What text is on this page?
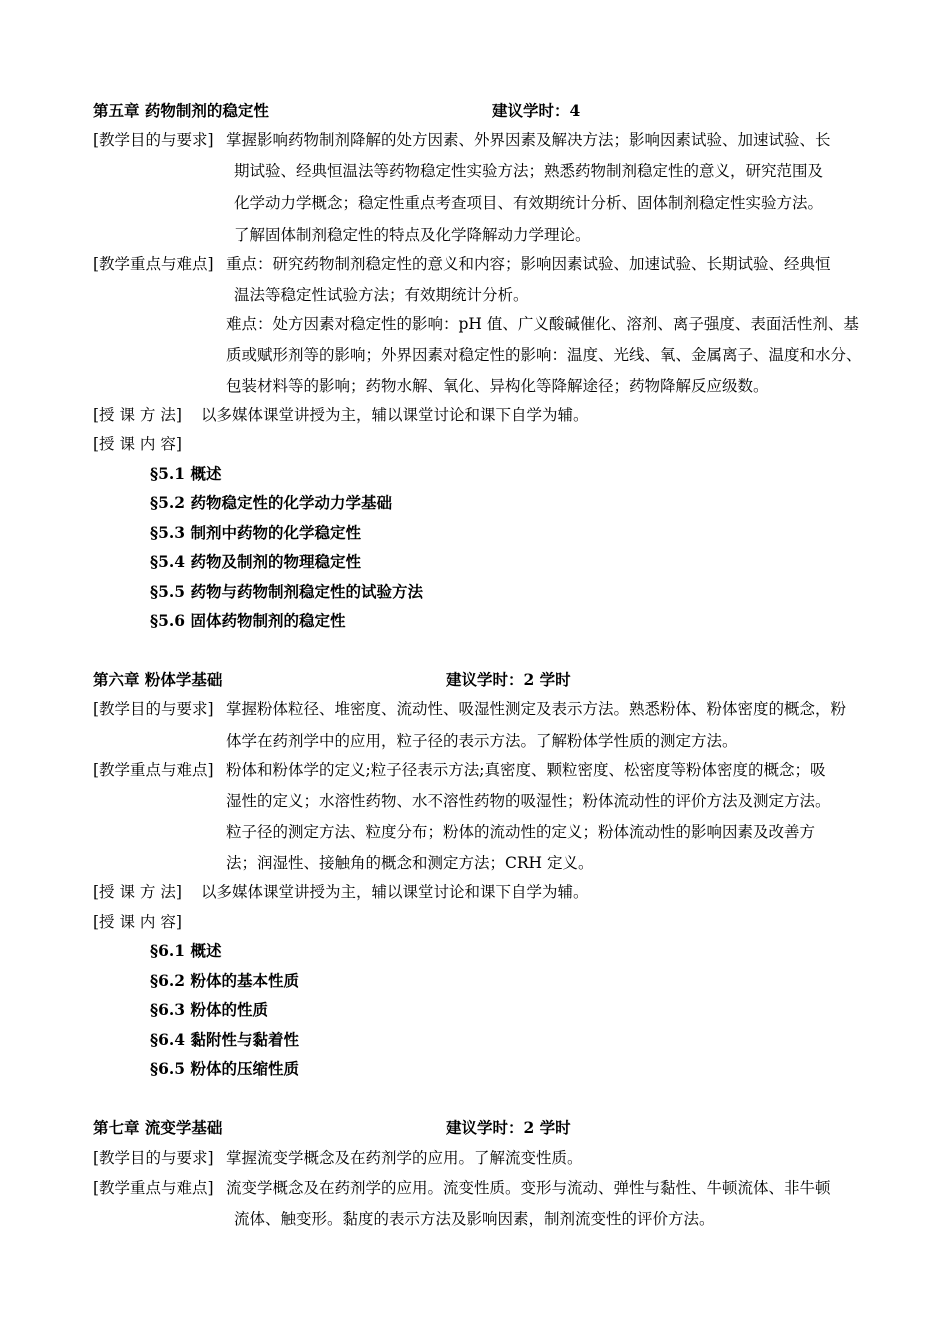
第五章 药物制剂的稳定性	建议学时：4
[教学目的与要求] 掌握影响药物制剂降解的处方因素、外界因素及解决方法；影响因素试验、加速试验、长
期试验、经典恒温法等药物稳定性实验方法；熟悉药物制剂稳定性的意义，研究范围及
化学动力学概念；稳定性重点考查项目、有效期统计分析、固体制剂稳定性实验方法。
了解固体制剂稳定性的特点及化学降解动力学理论。
[教学重点与难点] 重点：研究药物制剂稳定性的意义和内容；影响因素试验、加速试验、长期试验、经典恒
温法等稳定性试验方法；有效期统计分析。
难点：处方因素对稳定性的影响：pH 值、广义酸碱催化、溶剂、离子强度、表面活性剂、基
质或赋形剂等的影响；外界因素对稳定性的影响：温度、光线、氧、金属离子、温度和水分、
包装材料等的影响；药物水解、氧化、异构化等降解途径；药物降解反应级数。
[授 课 方 法] 以多媒体课堂讲授为主，辅以课堂讨论和课下自学为辅。
[授 课 内 容]
§5.1 概述
§5.2 药物稳定性的化学动力学基础
§5.3 制剂中药物的化学稳定性
§5.4 药物及制剂的物理稳定性
§5.5 药物与药物制剂稳定性的试验方法
§5.6 固体药物制剂的稳定性
第六章 粉体学基础	建议学时：2 学时
[教学目的与要求] 掌握粉体粒径、堆密度、流动性、吸湿性测定及表示方法。熟悉粉体、粉体密度的概念，粉
体学在药剂学中的应用，粒子径的表示方法。了解粉体学性质的测定方法。
[教学重点与难点] 粉体和粉体学的定义;粒子径表示方法;真密度、颗粒密度、松密度等粉体密度的概念；吸
湿性的定义；水溶性药物、水不溶性药物的吸湿性；粉体流动性的评价方法及测定方法。
粒子径的测定方法、粒度分布；粉体的流动性的定义；粉体流动性的影响因素及改善方
法；润湿性、接触角的概念和测定方法；CRH 定义。
[授 课 方 法] 以多媒体课堂讲授为主，辅以课堂讨论和课下自学为辅。
[授 课 内 容]
§6.1 概述
§6.2 粉体的基本性质
§6.3 粉体的性质
§6.4 黏附性与黏着性
§6.5 粉体的压缩性质
第七章 流变学基础	建议学时：2 学时
[教学目的与要求] 掌握流变学概念及在药剂学的应用。了解流变性质。
[教学重点与难点] 流变学概念及在药剂学的应用。流变性质。变形与流动、弹性与黏性、牛顿流体、非牛顿
流体、触变形。黏度的表示方法及影响因素，制剂流变性的评价方法。
